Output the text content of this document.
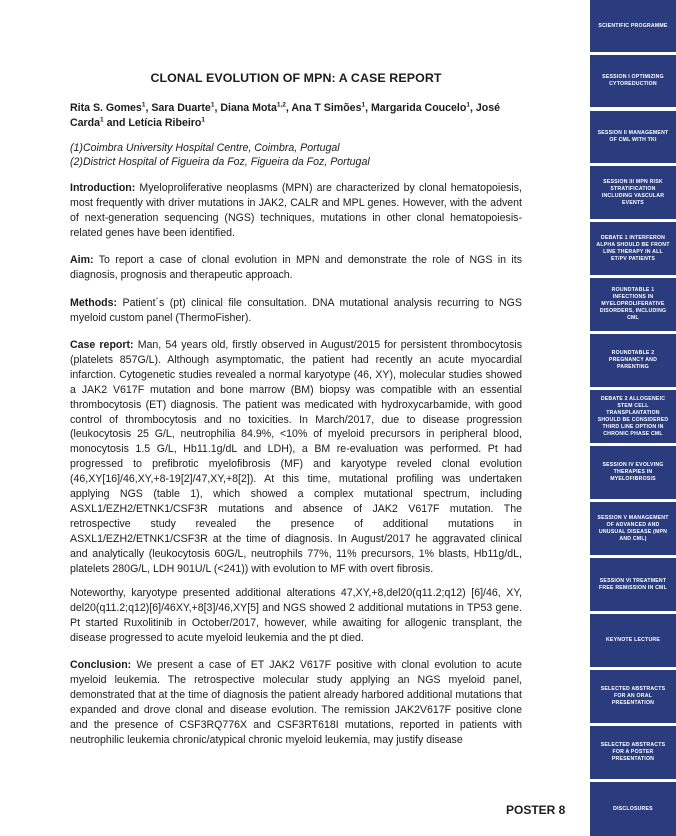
CLONAL EVOLUTION OF MPN: A CASE REPORT
Rita S. Gomes$^1$, Sara Duarte$^1$, Diana Mota$^{1,2}$, Ana T Simões$^1$, Margarida Coucelo$^1$, José Carda$^1$ and Letícia Ribeiro$^1$
(1)Coimbra University Hospital Centre, Coimbra, Portugal
(2)District Hospital of Figueira da Foz, Figueira da Foz, Portugal
Introduction: Myeloproliferative neoplasms (MPN) are characterized by clonal hematopoiesis, most frequently with driver mutations in JAK2, CALR and MPL genes. However, with the advent of next-generation sequencing (NGS) techniques, mutations in other clonal hematopoiesis-related genes have been identified.
Aim: To report a case of clonal evolution in MPN and demonstrate the role of NGS in its diagnosis, prognosis and therapeutic approach.
Methods: Patient´s (pt) clinical file consultation. DNA mutational analysis recurring to NGS myeloid custom panel (ThermoFisher).
Case report: Man, 54 years old, firstly observed in August/2015 for persistent thrombocytosis (platelets 857G/L). Although asymptomatic, the patient had recently an acute myocardial infarction. Cytogenetic studies revealed a normal karyotype (46, XY), molecular studies showed a JAK2 V617F mutation and bone marrow (BM) biopsy was compatible with an essential thrombocytosis (ET) diagnosis. The patient was medicated with hydroxycarbamide, with good control of thrombocytosis and no toxicities. In March/2017, due to disease progression (leukocytosis 25 G/L, neutrophilia 84.9%, <10% of myeloid precursors in peripheral blood, monocytosis 1.5 G/L, Hb11.1g/dL and LDH), a BM re-evaluation was performed. Pt had progressed to prefibrotic myelofibrosis (MF) and karyotype reveled clonal evolution (46,XY[16]/46,XY,+8-19[2]/47,XY,+8[2]). At this time, mutational profiling was undertaken applying NGS (table 1), which showed a complex mutational spectrum, including ASXL1/EZH2/ETNK1/CSF3R mutations and absence of JAK2 V617F mutation. The retrospective study revealed the presence of additional mutations in ASXL1/EZH2/ETNK1/CSF3R at the time of diagnosis. In August/2017 he aggravated clinical and analytically (leukocytosis 60G/L, neutrophils 77%, 11% precursors, 1% blasts, Hb11g/dL, platelets 280G/L, LDH 901U/L (<241)) with evolution to MF with overt fibrosis.
Noteworthy, karyotype presented additional alterations 47,XY,+8,del20(q11.2;q12) [6]/46, XY, del20(q11.2;q12)[6]/46XY,+8[3]/46,XY[5] and NGS showed 2 additional mutations in TP53 gene. Pt started Ruxolitinib in October/2017, however, while awaiting for allogenic transplant, the disease progressed to acute myeloid leukemia and the pt died.
Conclusion: We present a case of ET JAK2 V617F positive with clonal evolution to acute myeloid leukemia. The retrospective molecular study applying an NGS myeloid panel, demonstrated that at the time of diagnosis the patient already harbored additional mutations that expanded and drove clonal and disease evolution. The remission JAK2V617F positive clone and the presence of CSF3RQ776X and CSF3RT618I mutations, reported in patients with neutrophilic leukemia chronic/atypical chronic myeloid leukemia, may justify disease
POSTER 8
SCIENTIFIC PROGRAMME
SESSION I OPTIMIZING CYTOREDUCTION
SESSION II MANAGEMENT OF CML WITH TKI
SESSION III MPN RISK STRATIFICATION INCLUDING VASCULAR EVENTS
DEBATE 1 INTERFERON ALPHA SHOULD BE FRONT LINE THERAPY IN ALL ET/PV PATIENTS
ROUNDTABLE 1 INFECTIONS IN MYELOPROLIFERATIVE DISORDERS, INCLUDING CML
ROUNDTABLE 2 PREGNANCY AND PARENTING
DEBATE 2 ALLOGENEIC STEM CELL TRANSPLANTATION SHOULD BE CONSIDERED THIRD LINE OPTION IN CHRONIC PHASE CML
SESSION IV EVOLVING THERAPIES IN MYELOFIBROSIS
SESSION V MANAGEMENT OF ADVANCED AND UNUSUAL DISEASE (MPN AND CML)
SESSION VI TREATMENT FREE REMISSION IN CML
KEYNOTE LECTURE
SELECTED ABSTRACTS FOR AN ORAL PRESENTATION
SELECTED ABSTRACTS FOR A POSTER PRESENTATION
DISCLOSURES
